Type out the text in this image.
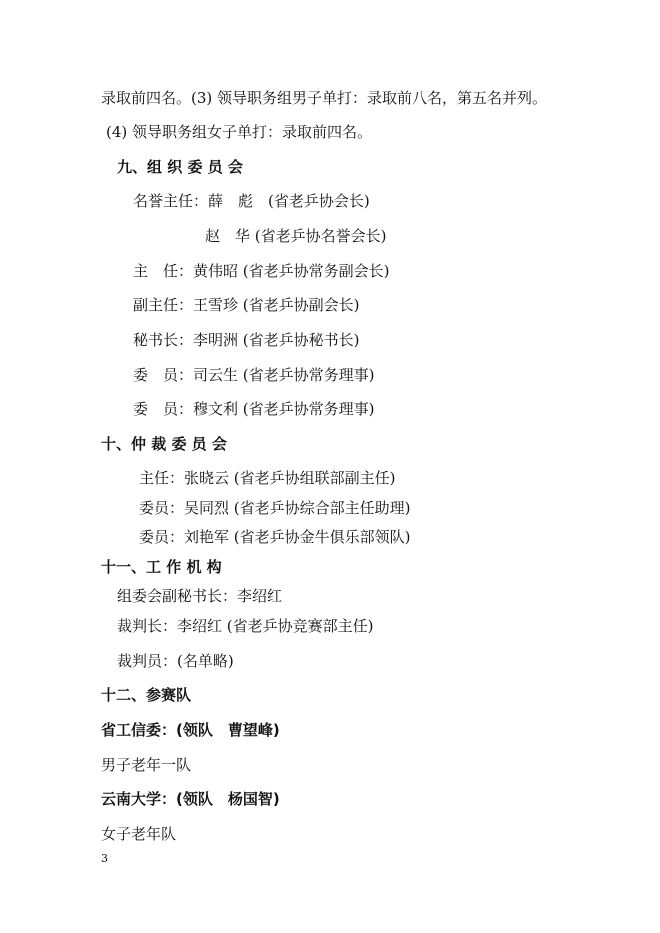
录取前四名。(3) 领导职务组男子单打：录取前八名，第五名并列。
(4) 领导职务组女子单打：录取前四名。
九、组 织 委 员 会
名誉主任：薛　彪　(省老乒协会长)
赵　华 (省老乒协名誉会长)
主　任：黄伟昭 (省老乒协常务副会长)
副主任：王雪珍 (省老乒协副会长)
秘书长：李明洲 (省老乒协秘书长)
委　员：司云生 (省老乒协常务理事)
委　员：穆文利 (省老乒协常务理事)
十、仲 裁 委 员 会
主任：张晓云 (省老乒协组联部副主任)
委员：吴同烈 (省老乒协综合部主任助理)
委员：刘艳军 (省老乒协金牛俱乐部领队)
十一、工 作 机 构
组委会副秘书长：李绍红
裁判长：李绍红 (省老乒协竞赛部主任)
裁判员：(名单略)
十二、参赛队
省工信委：(领队　曹望峰)
男子老年一队
云南大学：(领队　杨国智)
女子老年队
3
